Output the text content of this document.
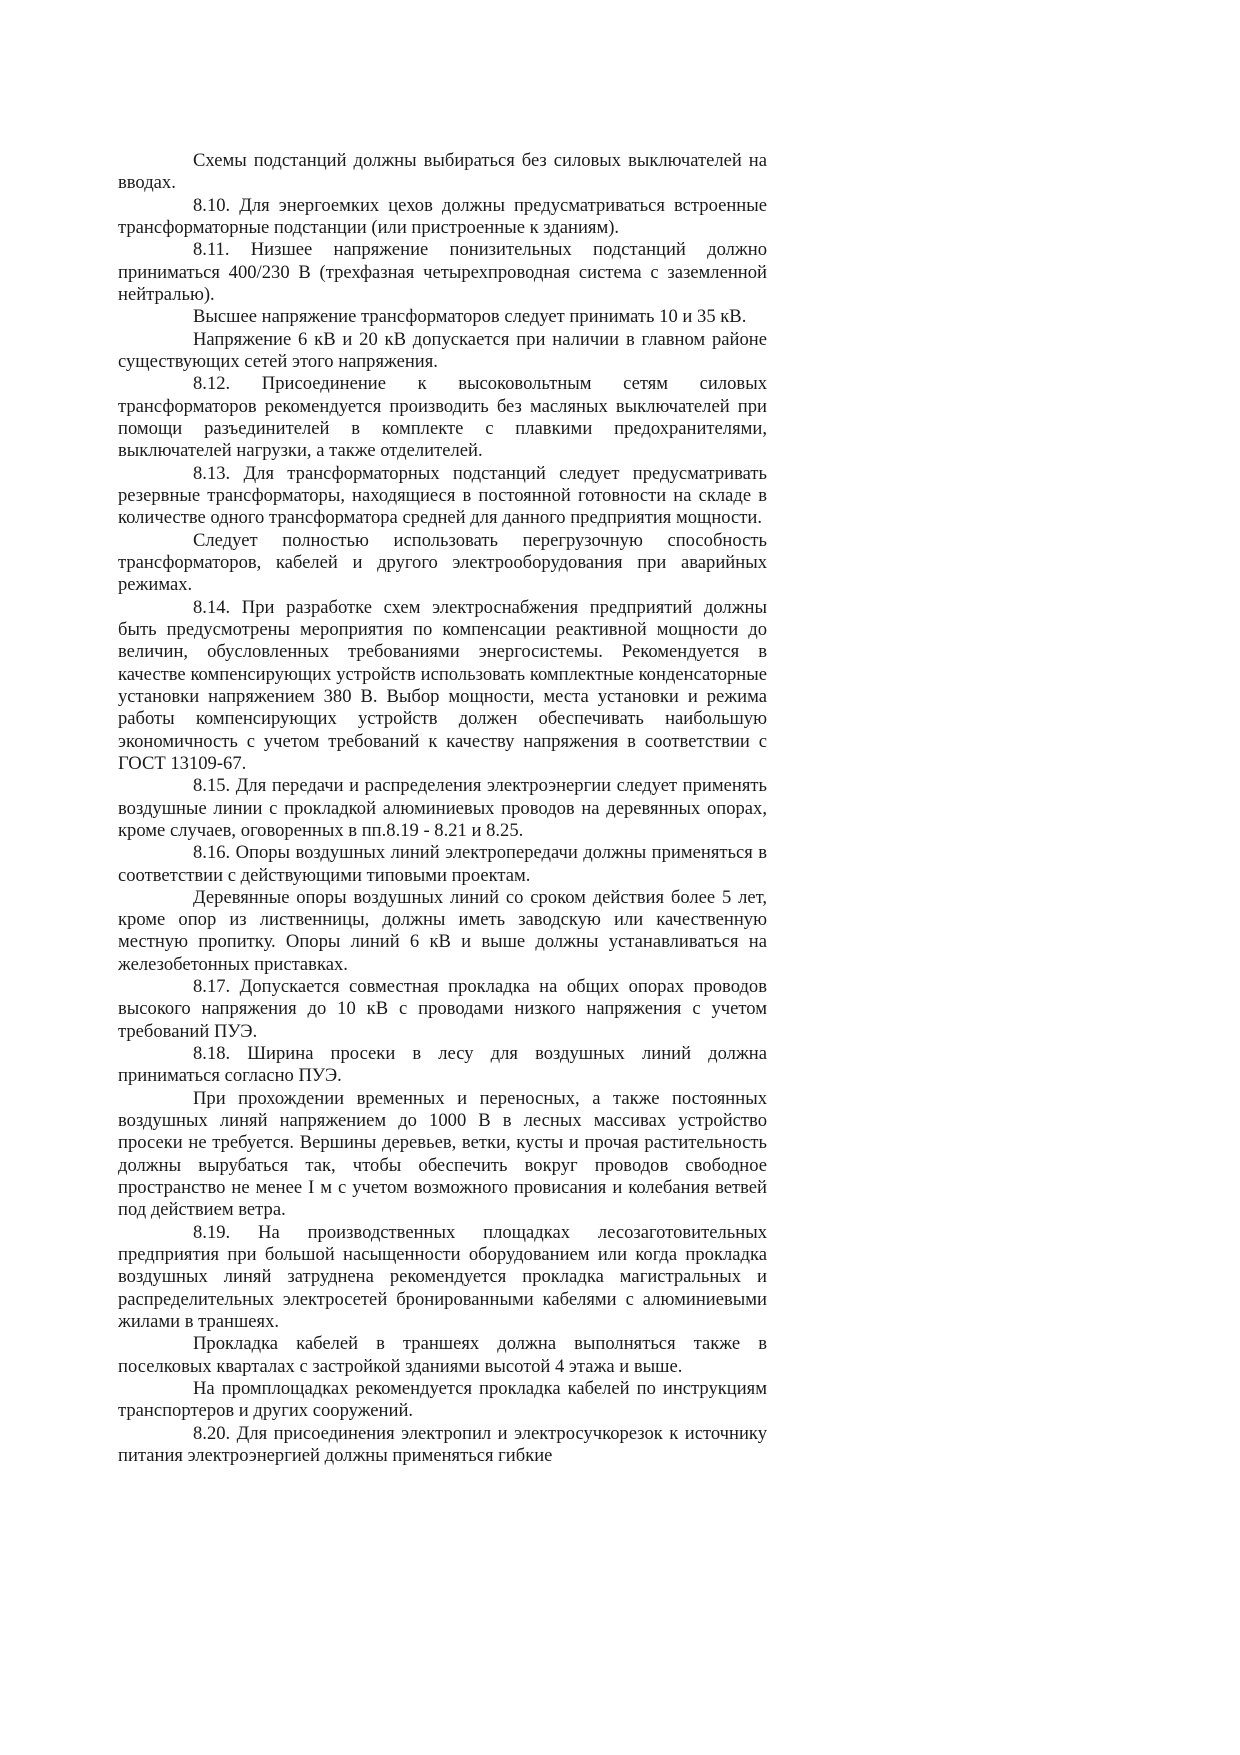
Схемы подстанций должны выбираться без силовых выключателей на вводах.

8.10. Для энергоемких цехов должны предусматриваться встроенные трансформаторные подстанции (или пристроенные к зданиям).

8.11. Низшее напряжение понизительных подстанций должно приниматься 400/230 В (трехфазная четырехпроводная система с заземленной нейтралью).

Высшее напряжение трансформаторов следует принимать 10 и 35 кВ.

Напряжение 6 кВ и 20 кВ допускается при наличии в главном районе существующих сетей этого напряжения.

8.12. Присоединение к высоковольтным сетям силовых трансформаторов рекомендуется производить без масляных выключателей при помощи разъединителей в комплекте с плавкими предохранителями, выключателей нагрузки, а также отделителей.

8.13. Для трансформаторных подстанций следует предусматривать резервные трансформаторы, находящиеся в постоянной готовности на складе в количестве одного трансформатора средней для данного предприятия мощности.

Следует полностью использовать перегрузочную способность трансформаторов, кабелей и другого электрооборудования при аварийных режимах.

8.14. При разработке схем электроснабжения предприятий должны быть предусмотрены мероприятия по компенсации реактивной мощности до величин, обусловленных требованиями энергосистемы. Рекомендуется в качестве компенсирующих устройств использовать комплектные конденсаторные установки напряжением 380 В. Выбор мощности, места установки и режима работы компенсирующих устройств должен обеспечивать наибольшую экономичность с учетом требований к качеству напряжения в соответствии с ГОСТ 13109-67.

8.15. Для передачи и распределения электроэнергии следует применять воздушные линии с прокладкой алюминиевых проводов на деревянных опорах, кроме случаев, оговоренных в пп.8.19 - 8.21 и 8.25.

8.16. Опоры воздушных линий электропередачи должны применяться в соответствии с действующими типовыми проектам.

Деревянные опоры воздушных линий со сроком действия более 5 лет, кроме опор из лиственницы, должны иметь заводскую или качественную местную пропитку. Опоры линий 6 кВ и выше должны устанавливаться на железобетонных приставках.

8.17. Допускается совместная прокладка на общих опорах проводов высокого напряжения до 10 кВ с проводами низкого напряжения с учетом требований ПУЭ.

8.18. Ширина просеки в лесу для воздушных линий должна приниматься согласно ПУЭ.

При прохождении временных и переносных, а также постоянных воздушных линяй напряжением до 1000 В в лесных массивах устройство просеки не требуется. Вершины деревьев, ветки, кусты и прочая растительность должны вырубаться так, чтобы обеспечить вокруг проводов свободное пространство не менее I м с учетом возможного провисания и колебания ветвей под действием ветра.

8.19. На производственных площадках лесозаготовительных предприятия при большой насыщенности оборудованием или когда прокладка воздушных линяй затруднена рекомендуется прокладка магистральных и распределительных электросетей бронированными кабелями с алюминиевыми жилами в траншеях.

Прокладка кабелей в траншеях должна выполняться также в поселковых кварталах с застройкой зданиями высотой 4 этажа и выше.

На промплощадках рекомендуется прокладка кабелей по инструкциям транспортеров и других сооружений.

8.20. Для присоединения электропил и электросучкорезок к источнику питания электроэнергией должны применяться гибкие
